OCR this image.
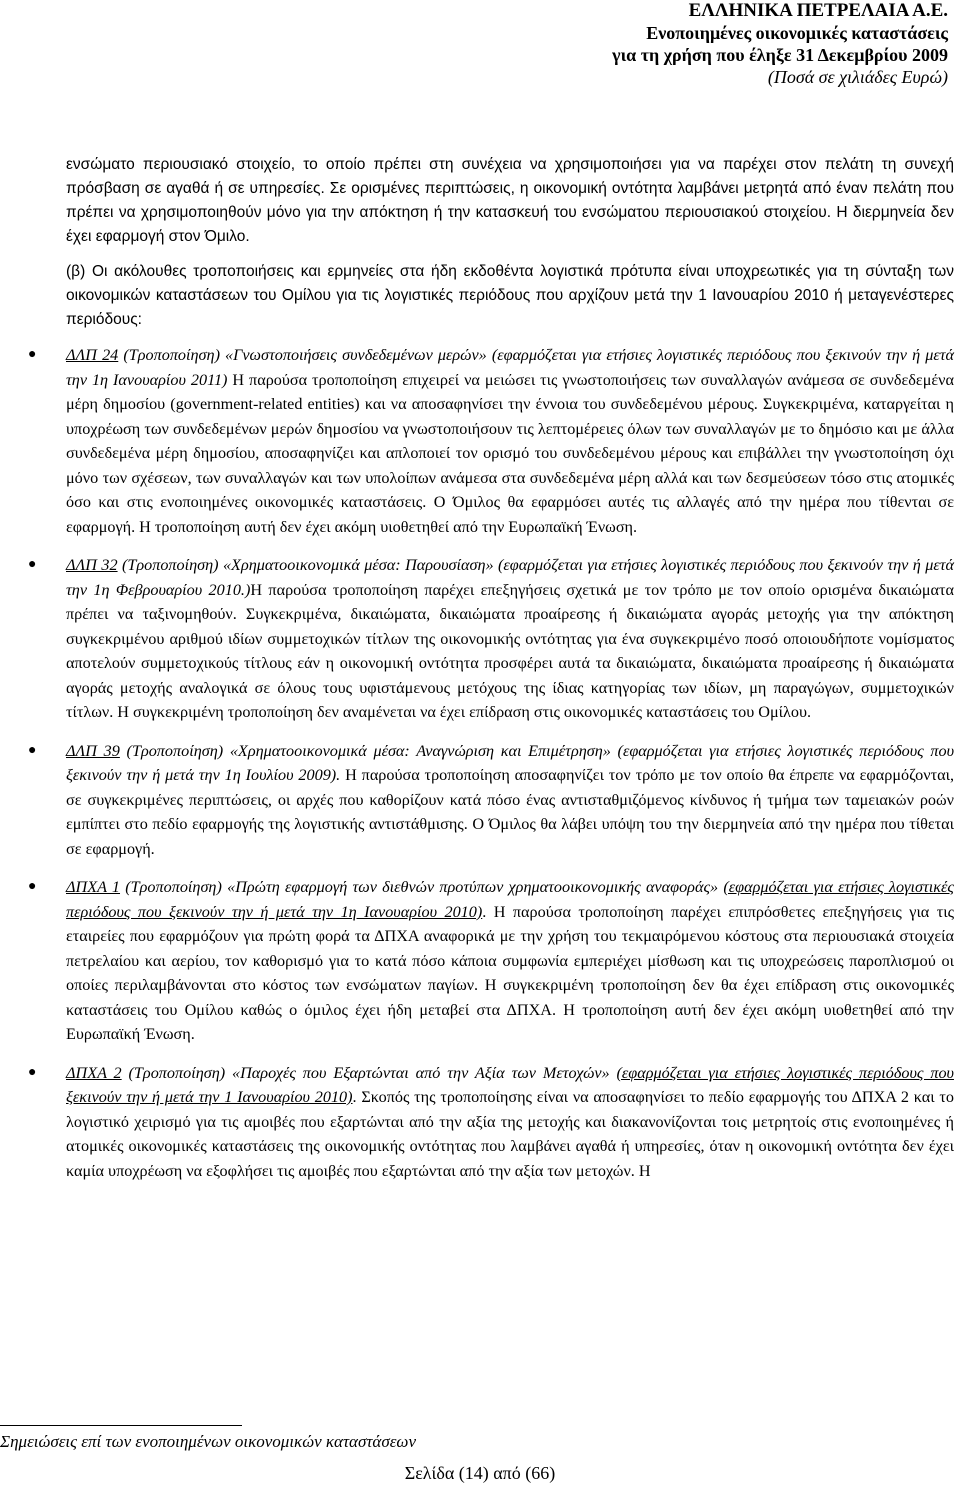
ΕΛΛΗΝΙΚΑ ΠΕΤΡΕΛΑΙΑ Α.Ε.
Ενοποιημένες οικονομικές καταστάσεις
για τη χρήση που έληξε 31 Δεκεμβρίου 2009
(Ποσά σε χιλιάδες Ευρώ)
ενσώματο περιουσιακό στοιχείο, το οποίο πρέπει στη συνέχεια να χρησιμοποιήσει για να παρέχει στον πελάτη τη συνεχή πρόσβαση σε αγαθά ή σε υπηρεσίες. Σε ορισμένες περιπτώσεις, η οικονομική οντότητα λαμβάνει μετρητά από έναν πελάτη που πρέπει να χρησιμοποιηθούν μόνο για την απόκτηση ή την κατασκευή του ενσώματου περιουσιακού στοιχείου. Η διερμηνεία δεν έχει εφαρμογή στον Όμιλο.
(β) Οι ακόλουθες τροποποιήσεις και ερμηνείες στα ήδη εκδοθέντα λογιστικά πρότυπα είναι υποχρεωτικές για τη σύνταξη των οικονομικών καταστάσεων του Ομίλου για τις λογιστικές περιόδους που αρχίζουν μετά την 1 Ιανουαρίου 2010 ή μεταγενέστερες περιόδους:
● ΔΛΠ 24 (Τροποποίηση) «Γνωστοποιήσεις συνδεδεμένων μερών» (εφαρμόζεται για ετήσιες λογιστικές περιόδους που ξεκινούν την ή μετά την 1η Ιανουαρίου 2011) Η παρούσα τροποποίηση επιχειρεί να μειώσει τις γνωστοποιήσεις των συναλλαγών ανάμεσα σε συνδεδεμένα μέρη δημοσίου (government-related entities) και να αποσαφηνίσει την έννοια του συνδεδεμένου μέρους. Συγκεκριμένα, καταργείται η υποχρέωση των συνδεδεμένων μερών δημοσίου να γνωστοποιήσουν τις λεπτομέρειες όλων των συναλλαγών με το δημόσιο και με άλλα συνδεδεμένα μέρη δημοσίου, αποσαφηνίζει και απλοποιεί τον ορισμό του συνδεδεμένου μέρους και επιβάλλει την γνωστοποίηση όχι μόνο των σχέσεων, των συναλλαγών και των υπολοίπων ανάμεσα στα συνδεδεμένα μέρη αλλά και των δεσμεύσεων τόσο στις ατομικές όσο και στις ενοποιημένες οικονομικές καταστάσεις. Ο Όμιλος θα εφαρμόσει αυτές τις αλλαγές από την ημέρα που τίθενται σε εφαρμογή. Η τροποποίηση αυτή δεν έχει ακόμη υιοθετηθεί από την Ευρωπαϊκή Ένωση.
● ΔΛΠ 32 (Τροποποίηση) «Χρηματοοικονομικά μέσα: Παρουσίαση» (εφαρμόζεται για ετήσιες λογιστικές περιόδους που ξεκινούν την ή μετά την 1η Φεβρουαρίου 2010.)Η παρούσα τροποποίηση παρέχει επεξηγήσεις σχετικά με τον τρόπο με τον οποίο ορισμένα δικαιώματα πρέπει να ταξινομηθούν. Συγκεκριμένα, δικαιώματα, δικαιώματα προαίρεσης ή δικαιώματα αγοράς μετοχής για την απόκτηση συγκεκριμένου αριθμού ιδίων συμμετοχικών τίτλων της οικονομικής οντότητας για ένα συγκεκριμένο ποσό οποιουδήποτε νομίσματος αποτελούν συμμετοχικούς τίτλους εάν η οικονομική οντότητα προσφέρει αυτά τα δικαιώματα, δικαιώματα προαίρεσης ή δικαιώματα αγοράς μετοχής αναλογικά σε όλους τους υφιστάμενους μετόχους της ίδιας κατηγορίας των ιδίων, μη παραγώγων, συμμετοχικών τίτλων. Η συγκεκριμένη τροποποίηση δεν αναμένεται να έχει επίδραση στις οικονομικές καταστάσεις του Ομίλου.
● ΔΛΠ 39 (Τροποποίηση) «Χρηματοοικονομικά μέσα: Αναγνώριση και Επιμέτρηση» (εφαρμόζεται για ετήσιες λογιστικές περιόδους που ξεκινούν την ή μετά την 1η Ιουλίου 2009). Η παρούσα τροποποίηση αποσαφηνίζει τον τρόπο με τον οποίο θα έπρεπε να εφαρμόζονται, σε συγκεκριμένες περιπτώσεις, οι αρχές που καθορίζουν κατά πόσο ένας αντισταθμιζόμενος κίνδυνος ή τμήμα των ταμειακών ροών εμπίπτει στο πεδίο εφαρμογής της λογιστικής αντιστάθμισης. Ο Όμιλος θα λάβει υπόψη του την διερμηνεία από την ημέρα που τίθεται σε εφαρμογή.
● ΔΠΧΑ 1 (Τροποποίηση) «Πρώτη εφαρμογή των διεθνών προτύπων χρηματοοικονομικής αναφοράς» (εφαρμόζεται για ετήσιες λογιστικές περιόδους που ξεκινούν την ή μετά την 1η Ιανουαρίου 2010). Η παρούσα τροποποίηση παρέχει επιπρόσθετες επεξηγήσεις για τις εταιρείες που εφαρμόζουν για πρώτη φορά τα ΔΠΧΑ αναφορικά με την χρήση του τεκμαιρόμενου κόστους στα περιουσιακά στοιχεία πετρελαίου και αερίου, τον καθορισμό για το κατά πόσο κάποια συμφωνία εμπεριέχει μίσθωση και τις υποχρεώσεις παροπλισμού οι οποίες περιλαμβάνονται στο κόστος των ενσώματων παγίων. Η συγκεκριμένη τροποποίηση δεν θα έχει επίδραση στις οικονομικές καταστάσεις του Ομίλου καθώς ο όμιλος έχει ήδη μεταβεί στα ΔΠΧΑ. Η τροποποίηση αυτή δεν έχει ακόμη υιοθετηθεί από την Ευρωπαϊκή Ένωση.
● ΔΠΧΑ 2 (Τροποποίηση) «Παροχές που Εξαρτώνται από την Αξία των Μετοχών» (εφαρμόζεται για ετήσιες λογιστικές περιόδους που ξεκινούν την ή μετά την 1 Ιανουαρίου 2010). Σκοπός της τροποποίησης είναι να αποσαφηνίσει το πεδίο εφαρμογής του ΔΠΧΑ 2 και το λογιστικό χειρισμό για τις αμοιβές που εξαρτώνται από την αξία της μετοχής και διακανονίζονται τοις μετρητοίς στις ενοποιημένες ή ατομικές οικονομικές καταστάσεις της οικονομικής οντότητας που λαμβάνει αγαθά ή υπηρεσίες, όταν η οικονομική οντότητα δεν έχει καμία υποχρέωση να εξοφλήσει τις αμοιβές που εξαρτώνται από την αξία των μετοχών. Η
Σημειώσεις επί των ενοποιημένων οικονομικών καταστάσεων
Σελίδα (14) από (66)
